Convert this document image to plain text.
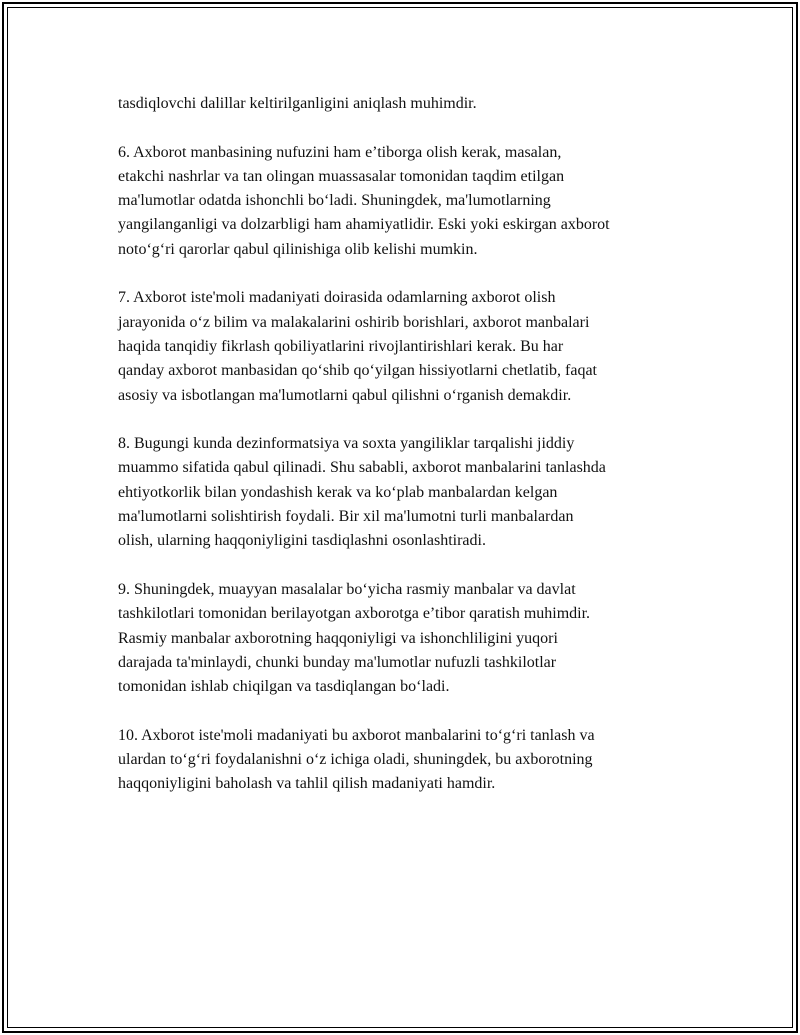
tasdiqlovchi dalillar keltirilganligini aniqlash muhimdir.

6. Axborot manbasining nufuzini ham e’tiborga olish kerak, masalan,
etakchi nashrlar va tan olingan muassasalar tomonidan taqdim etilgan
ma'lumotlar odatda ishonchli bo‘ladi. Shuningdek, ma'lumotlarning
yangilanganligi va dolzarbligi ham ahamiyatlidir. Eski yoki eskirgan axborot
noto‘g‘ri qarorlar qabul qilinishiga olib kelishi mumkin.

7. Axborot iste'moli madaniyati doirasida odamlarning axborot olish
jarayonida o‘z bilim va malakalarini oshirib borishlari, axborot manbalari
haqida tanqidiy fikrlash qobiliyatlarini rivojlantirishlari kerak. Bu har
qanday axborot manbasidan qo‘shib qo‘yilgan hissiyotlarni chetlatib, faqat
asosiy va isbotlangan ma'lumotlarni qabul qilishni o‘rganish demakdir.

8. Bugungi kunda dezinformatsiya va soxta yangiliklar tarqalishi jiddiy
muammo sifatida qabul qilinadi. Shu sababli, axborot manbalarini tanlashda
ehtiyotkorlik bilan yondashish kerak va ko‘plab manbalardan kelgan
ma'lumotlarni solishtirish foydali. Bir xil ma'lumotni turli manbalardan
olish, ularning haqqoniyligini tasdiqlashni osonlashtiradi.

9. Shuningdek, muayyan masalalar bo‘yicha rasmiy manbalar va davlat
tashkilotlari tomonidan berilayotgan axborotga e’tibor qaratish muhimdir.
Rasmiy manbalar axborotning haqqoniyligi va ishonchliligini yuqori
darajada ta'minlaydi, chunki bunday ma'lumotlar nufuzli tashkilotlar
tomonidan ishlab chiqilgan va tasdiqlangan bo‘ladi.

10. Axborot iste'moli madaniyati bu axborot manbalarini to‘g‘ri tanlash va
ulardan to‘g‘ri foydalanishni o‘z ichiga oladi, shuningdek, bu axborotning
haqqoniyligini baholash va tahlil qilish madaniyati hamdir.
